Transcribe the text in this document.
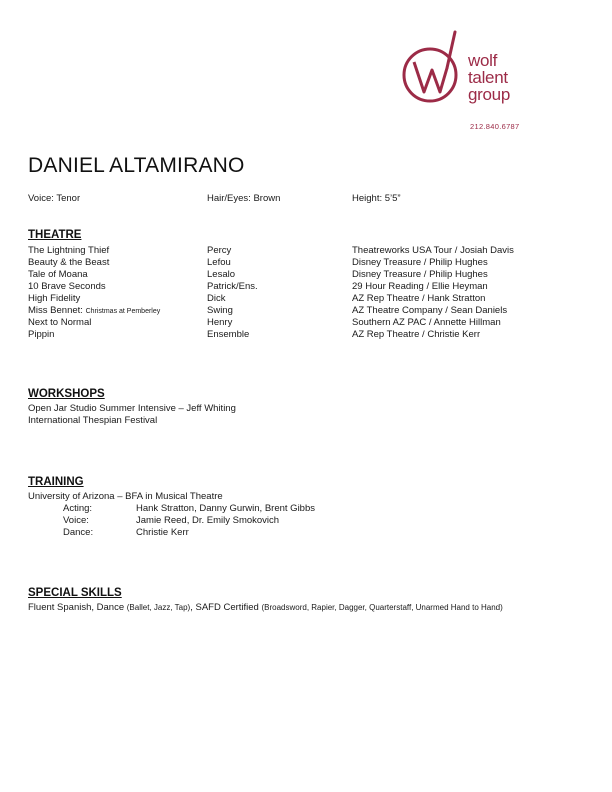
wolf
talent
group
212.840.6787
DANIEL ALTAMIRANO
Voice: Tenor	Hair/Eyes: Brown	Height: 5’5”
THEATRE
The Lightning Thief	Percy	Theatreworks USA Tour / Josiah Davis
Beauty & the Beast	Lefou	Disney Treasure / Philip Hughes
Tale of Moana	Lesalo	Disney Treasure / Philip Hughes
10 Brave Seconds	Patrick/Ens.	29 Hour Reading / Ellie Heyman
High Fidelity	Dick	AZ Rep Theatre / Hank Stratton
Miss Bennet: Christmas at Pemberley	Swing	AZ Theatre Company / Sean Daniels
Next to Normal	Henry	Southern AZ PAC / Annette Hillman
Pippin	Ensemble	AZ Rep Theatre / Christie Kerr
WORKSHOPS
Open Jar Studio Summer Intensive – Jeff Whiting
International Thespian Festival
TRAINING
University of Arizona – BFA in Musical Theatre
Acting:	Hank Stratton, Danny Gurwin, Brent Gibbs
Voice:	Jamie Reed, Dr. Emily Smokovich
Dance:	Christie Kerr
SPECIAL SKILLS
Fluent Spanish, Dance (Ballet, Jazz, Tap), SAFD Certified (Broadsword, Rapier, Dagger, Quarterstaff, Unarmed Hand to Hand)
